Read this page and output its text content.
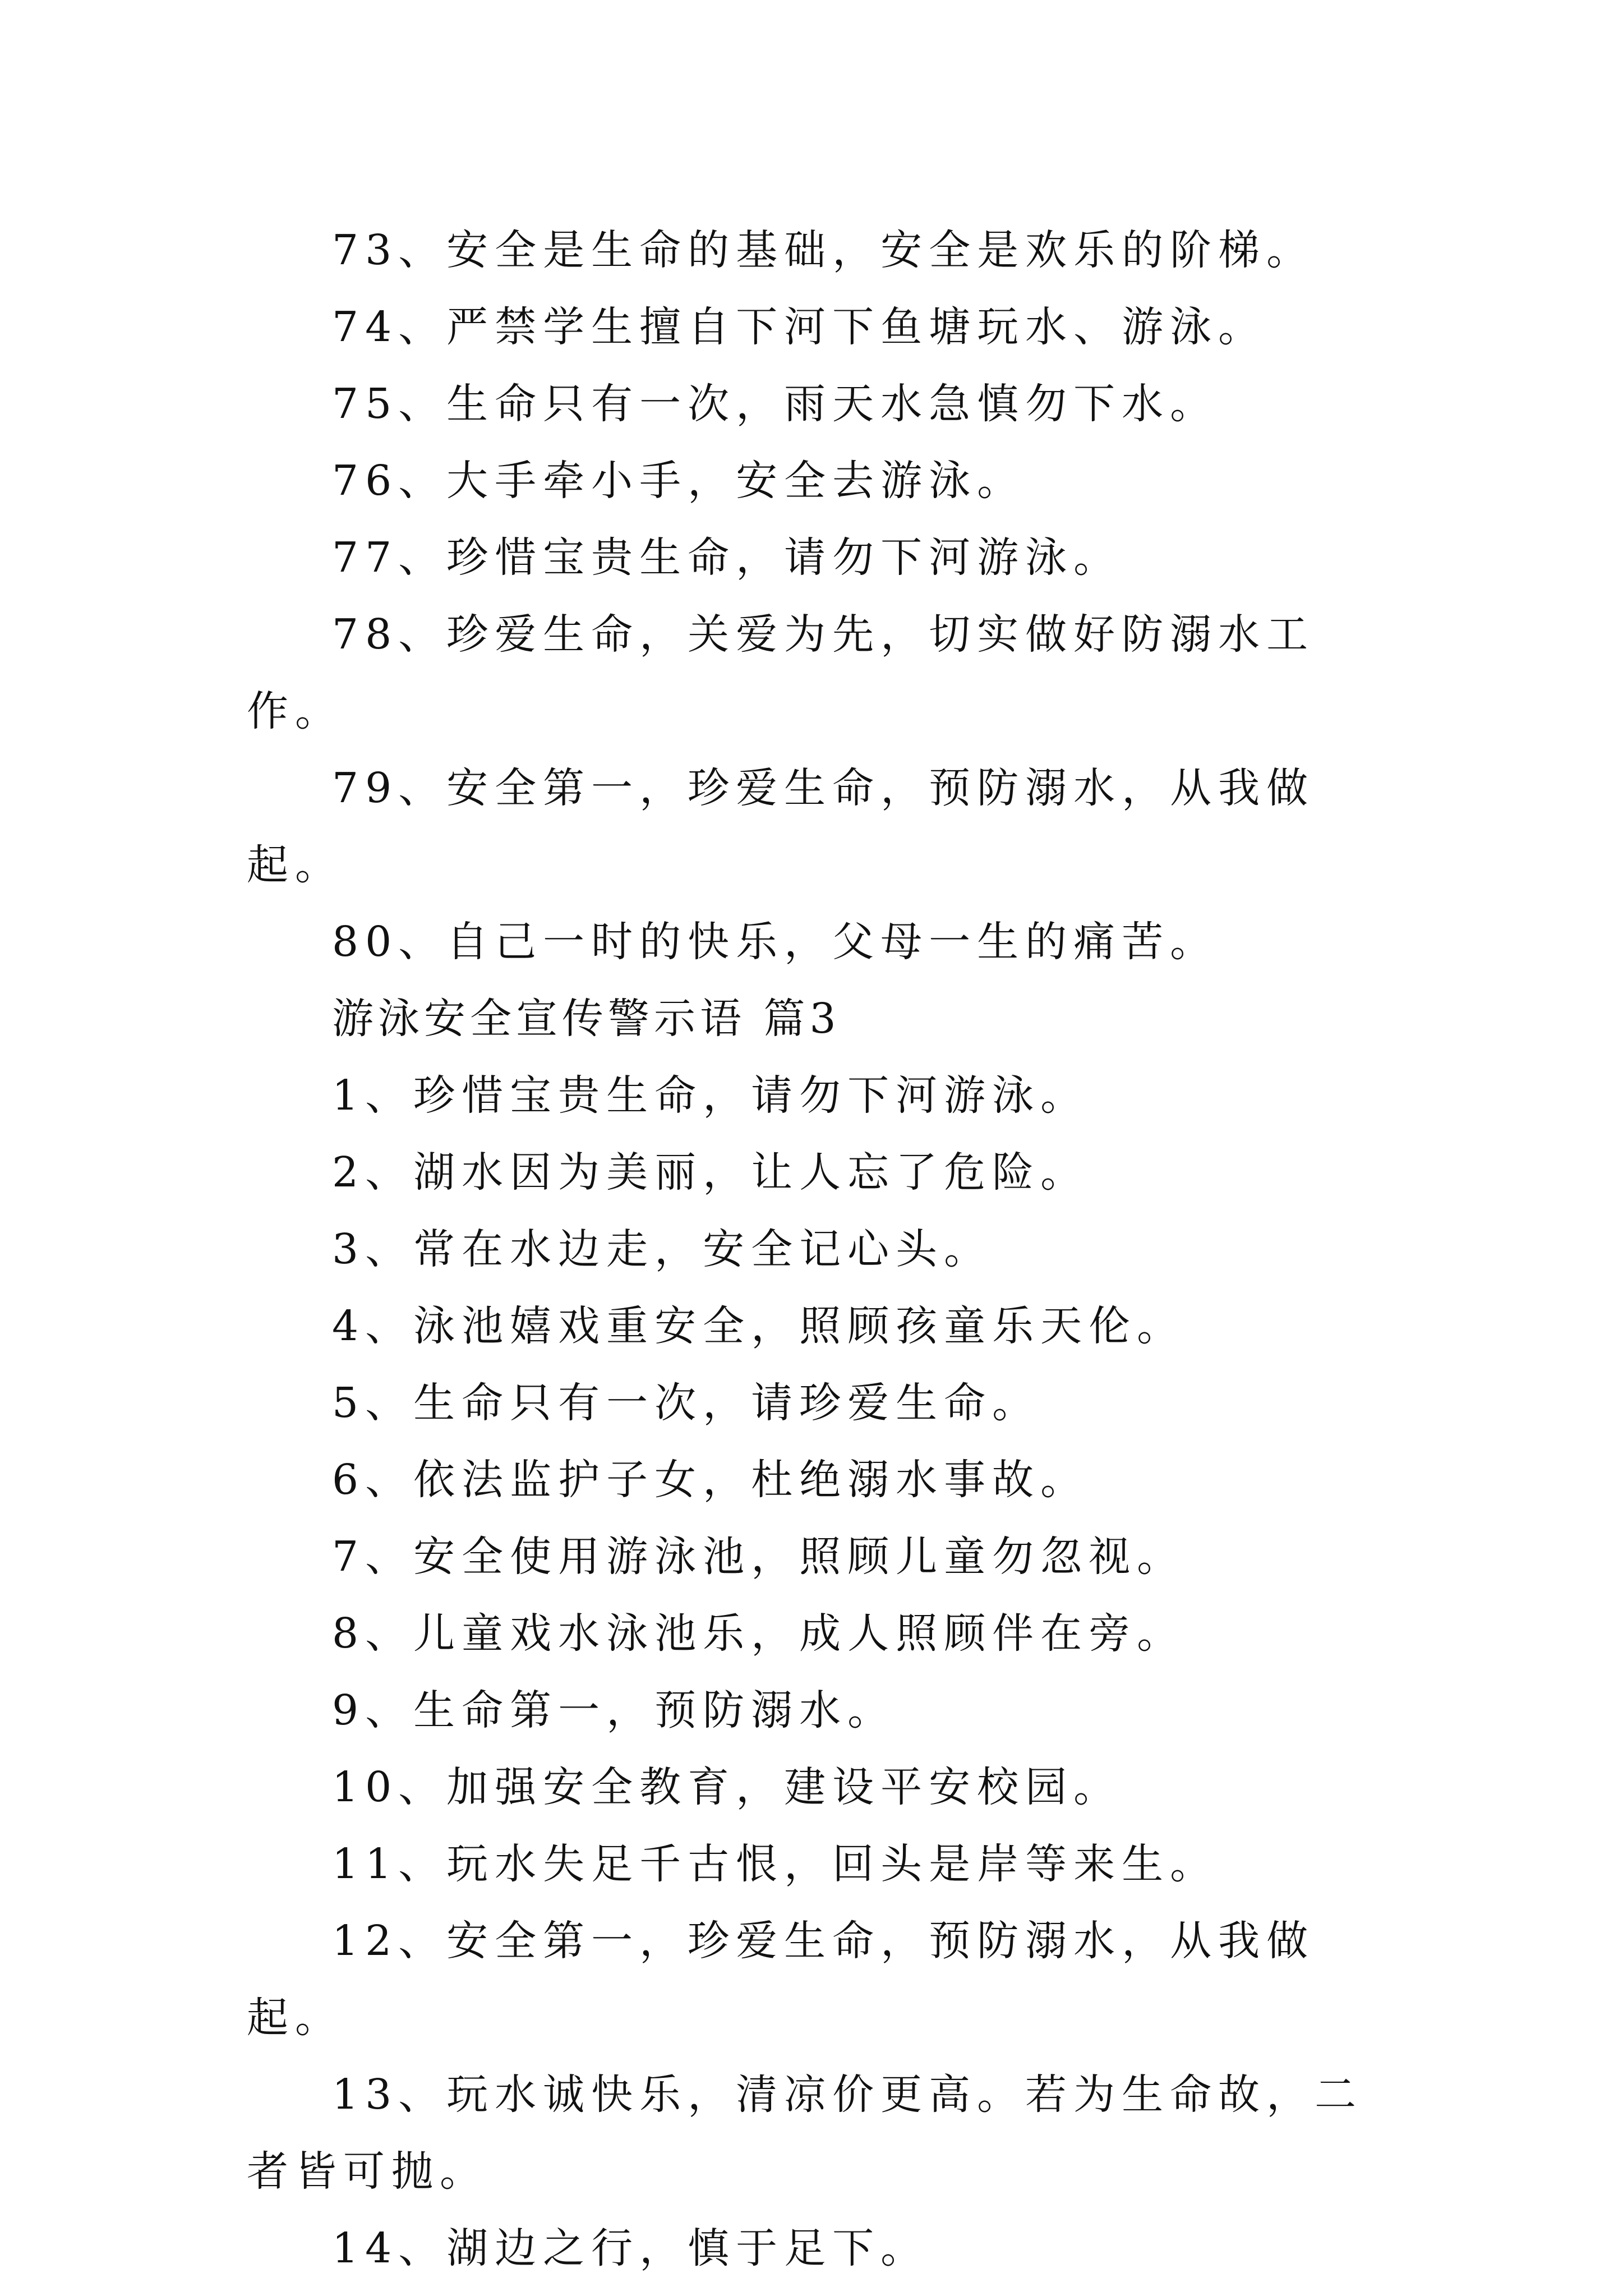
73、安全是生命的基础，安全是欢乐的阶梯。

74、严禁学生擅自下河下鱼塘玩水、游泳。

75、生命只有一次，雨天水急慎勿下水。

76、大手牵小手，安全去游泳。

77、珍惜宝贵生命，请勿下河游泳。

78、珍爱生命，关爱为先，切实做好防溺水工作。

79、安全第一，珍爱生命，预防溺水，从我做起。

80、自己一时的快乐，父母一生的痛苦。

游泳安全宣传警示语 篇3

1、珍惜宝贵生命，请勿下河游泳。

2、湖水因为美丽，让人忘了危险。

3、常在水边走，安全记心头。

4、泳池嬉戏重安全，照顾孩童乐天伦。

5、生命只有一次，请珍爱生命。

6、依法监护子女，杜绝溺水事故。

7、安全使用游泳池，照顾儿童勿忽视。

8、儿童戏水泳池乐，成人照顾伴在旁。

9、生命第一，预防溺水。

10、加强安全教育，建设平安校园。

11、玩水失足千古恨，回头是岸等来生。

12、安全第一，珍爱生命，预防溺水，从我做起。

13、玩水诚快乐，清凉价更高。若为生命故，二者皆可抛。

14、湖边之行，慎于足下。
